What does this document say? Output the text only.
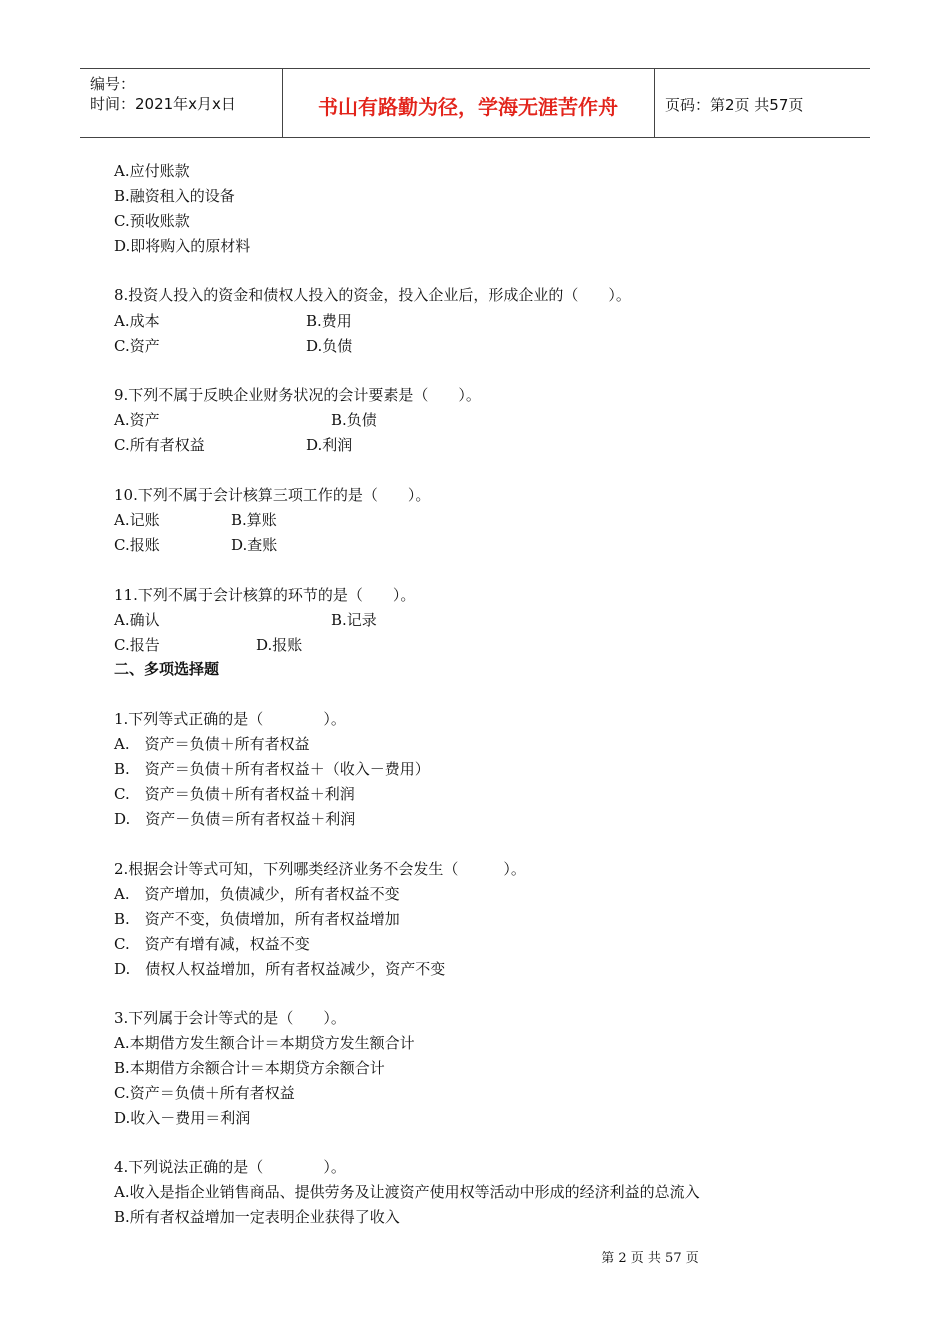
编号：
时间：2021年x月x日	书山有路勤为径，学海无涯苦作舟	页码：第2页 共57页
A.应付账款
B.融资租入的设备
C.预收账款
D.即将购入的原材料
8.投资人投入的资金和债权人投入的资金，投入企业后，形成企业的（　　）。
A.成本	B.费用
C.资产	D.负债
9.下列不属于反映企业财务状况的会计要素是（　　）。
A.资产	B.负债
C.所有者权益	D.利润
10.下列不属于会计核算三项工作的是（　　）。
A.记账	B.算账
C.报账	D.查账
11.下列不属于会计核算的环节的是（　　）。
A.确认	B.记录
C.报告	D.报账
二、多项选择题
1.下列等式正确的是（　　　　）。
A.　资产＝负债＋所有者权益
B.　资产＝负债＋所有者权益＋（收入－费用）
C.　资产＝负债＋所有者权益＋利润
D.　资产－负债＝所有者权益＋利润
2.根据会计等式可知，下列哪类经济业务不会发生（　　　）。
A.　资产增加，负债减少，所有者权益不变
B.　资产不变，负债增加，所有者权益增加
C.　资产有增有减，权益不变
D.　债权人权益增加，所有者权益减少，资产不变
3.下列属于会计等式的是（　　）。
A.本期借方发生额合计＝本期贷方发生额合计
B.本期借方余额合计＝本期贷方余额合计
C.资产＝负债＋所有者权益
D.收入－费用＝利润
4.下列说法正确的是（　　　　）。
A.收入是指企业销售商品、提供劳务及让渡资产使用权等活动中形成的经济利益的总流入
B.所有者权益增加一定表明企业获得了收入
第 2 页 共 57 页
